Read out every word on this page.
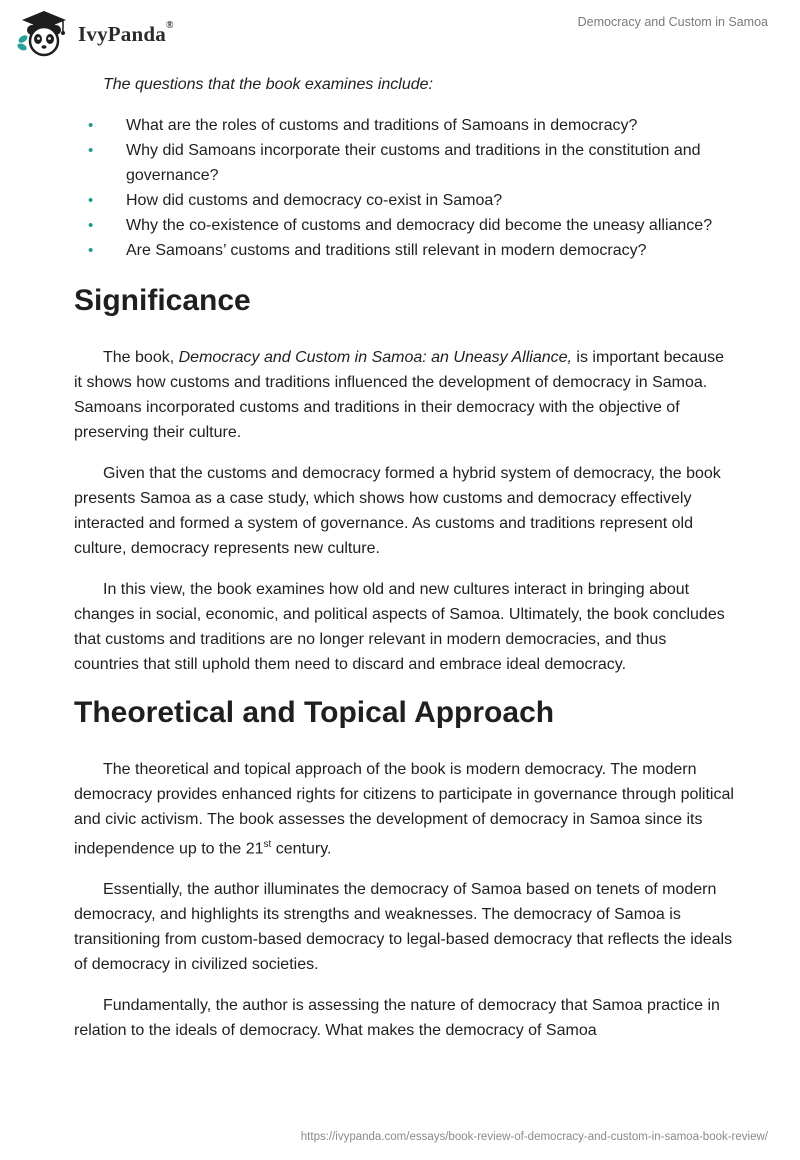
IvyPanda®	Democracy and Custom in Samoa

The questions that the book examines include:

• What are the roles of customs and traditions of Samoans in democracy?
• Why did Samoans incorporate their customs and traditions in the constitution and governance?
• How did customs and democracy co-exist in Samoa?
• Why the co-existence of customs and democracy did become the uneasy alliance?
• Are Samoans’ customs and traditions still relevant in modern democracy?
Significance

The book, Democracy and Custom in Samoa: an Uneasy Alliance, is important because it shows how customs and traditions influenced the development of democracy in Samoa. Samoans incorporated customs and traditions in their democracy with the objective of preserving their culture.

Given that the customs and democracy formed a hybrid system of democracy, the book presents Samoa as a case study, which shows how customs and democracy effectively interacted and formed a system of governance. As customs and traditions represent old culture, democracy represents new culture.

In this view, the book examines how old and new cultures interact in bringing about changes in social, economic, and political aspects of Samoa. Ultimately, the book concludes that customs and traditions are no longer relevant in modern democracies, and thus countries that still uphold them need to discard and embrace ideal democracy.

Theoretical and Topical Approach

The theoretical and topical approach of the book is modern democracy. The modern democracy provides enhanced rights for citizens to participate in governance through political and civic activism. The book assesses the development of democracy in Samoa since its independence up to the 21st century.

Essentially, the author illuminates the democracy of Samoa based on tenets of modern democracy, and highlights its strengths and weaknesses. The democracy of Samoa is transitioning from custom-based democracy to legal-based democracy that reflects the ideals of democracy in civilized societies.

Fundamentally, the author is assessing the nature of democracy that Samoa practice in relation to the ideals of democracy. What makes the democracy of Samoa

https://ivypanda.com/essays/book-review-of-democracy-and-custom-in-samoa-book-review/
